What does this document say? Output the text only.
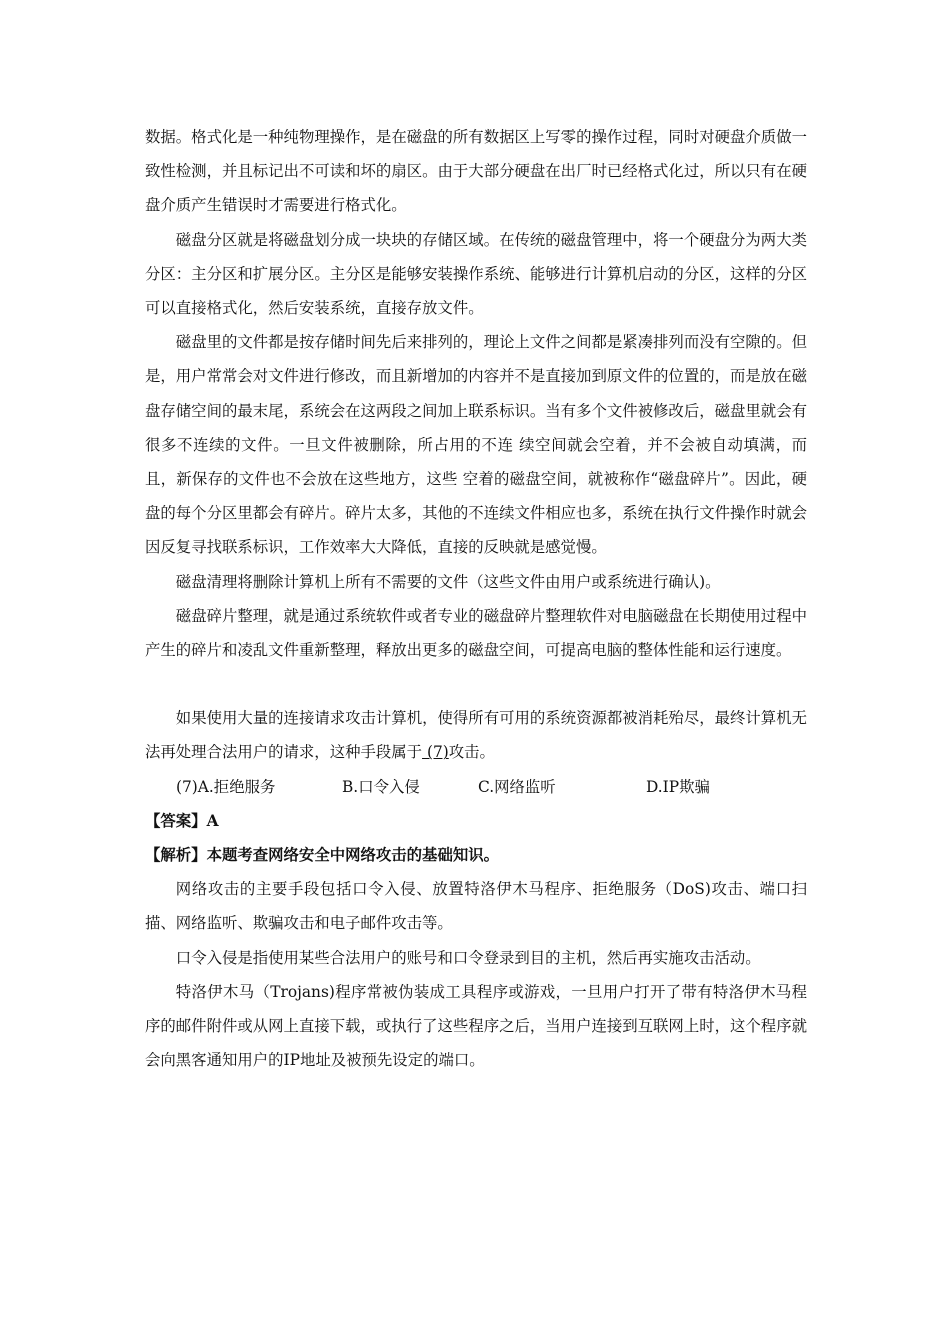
数据。格式化是一种纯物理操作，是在磁盘的所有数据区上写零的操作过程，同时对硬盘介质做一致性检测，并且标记出不可读和坏的扇区。由于大部分硬盘在出厂时已经格式化过，所以只有在硬盘介质产生错误时才需要进行格式化。

磁盘分区就是将磁盘划分成一块块的存储区域。在传统的磁盘管理中，将一个硬盘分为两大类分区：主分区和扩展分区。主分区是能够安装操作系统、能够进行计算机启动的分区，这样的分区可以直接格式化，然后安装系统，直接存放文件。

磁盘里的文件都是按存储时间先后来排列的，理论上文件之间都是紧凑排列而没有空隙的。但是，用户常常会对文件进行修改，而且新增加的内容并不是直接加到原文件的位置的，而是放在磁盘存储空间的最末尾，系统会在这两段之间加上联系标识。当有多个文件被修改后，磁盘里就会有很多不连续的文件。一旦文件被删除，所占用的不连 续空间就会空着，并不会被自动填满，而且，新保存的文件也不会放在这些地方，这些 空着的磁盘空间，就被称作“磁盘碎片”。因此，硬盘的每个分区里都会有碎片。碎片太多，其他的不连续文件相应也多，系统在执行文件操作时就会因反复寻找联系标识，工作效率大大降低，直接的反映就是感觉慢。

磁盘清理将删除计算机上所有不需要的文件（这些文件由用户或系统进行确认)。

磁盘碎片整理，就是通过系统软件或者专业的磁盘碎片整理软件对电脑磁盘在长期使用过程中产生的碎片和凌乱文件重新整理，释放出更多的磁盘空间，可提高电脑的整体性能和运行速度。

如果使用大量的连接请求攻击计算机，使得所有可用的系统资源都被消耗殆尽，最终计算机无法再处理合法用户的请求，这种手段属于 (7)攻击。

(7)A.拒绝服务	B.口令入侵	C.网络监听	D.IP欺骗

【答案】A

【解析】本题考查网络安全中网络攻击的基础知识。

网络攻击的主要手段包括口令入侵、放置特洛伊木马程序、拒绝服务（DoS)攻击、端口扫描、网络监听、欺骗攻击和电子邮件攻击等。

口令入侵是指使用某些合法用户的账号和口令登录到目的主机，然后再实施攻击活动。

特洛伊木马（Trojans)程序常被伪装成工具程序或游戏，一旦用户打开了带有特洛伊木马程序的邮件附件或从网上直接下载，或执行了这些程序之后，当用户连接到互联网上时，这个程序就会向黑客通知用户的IP地址及被预先设定的端口。
